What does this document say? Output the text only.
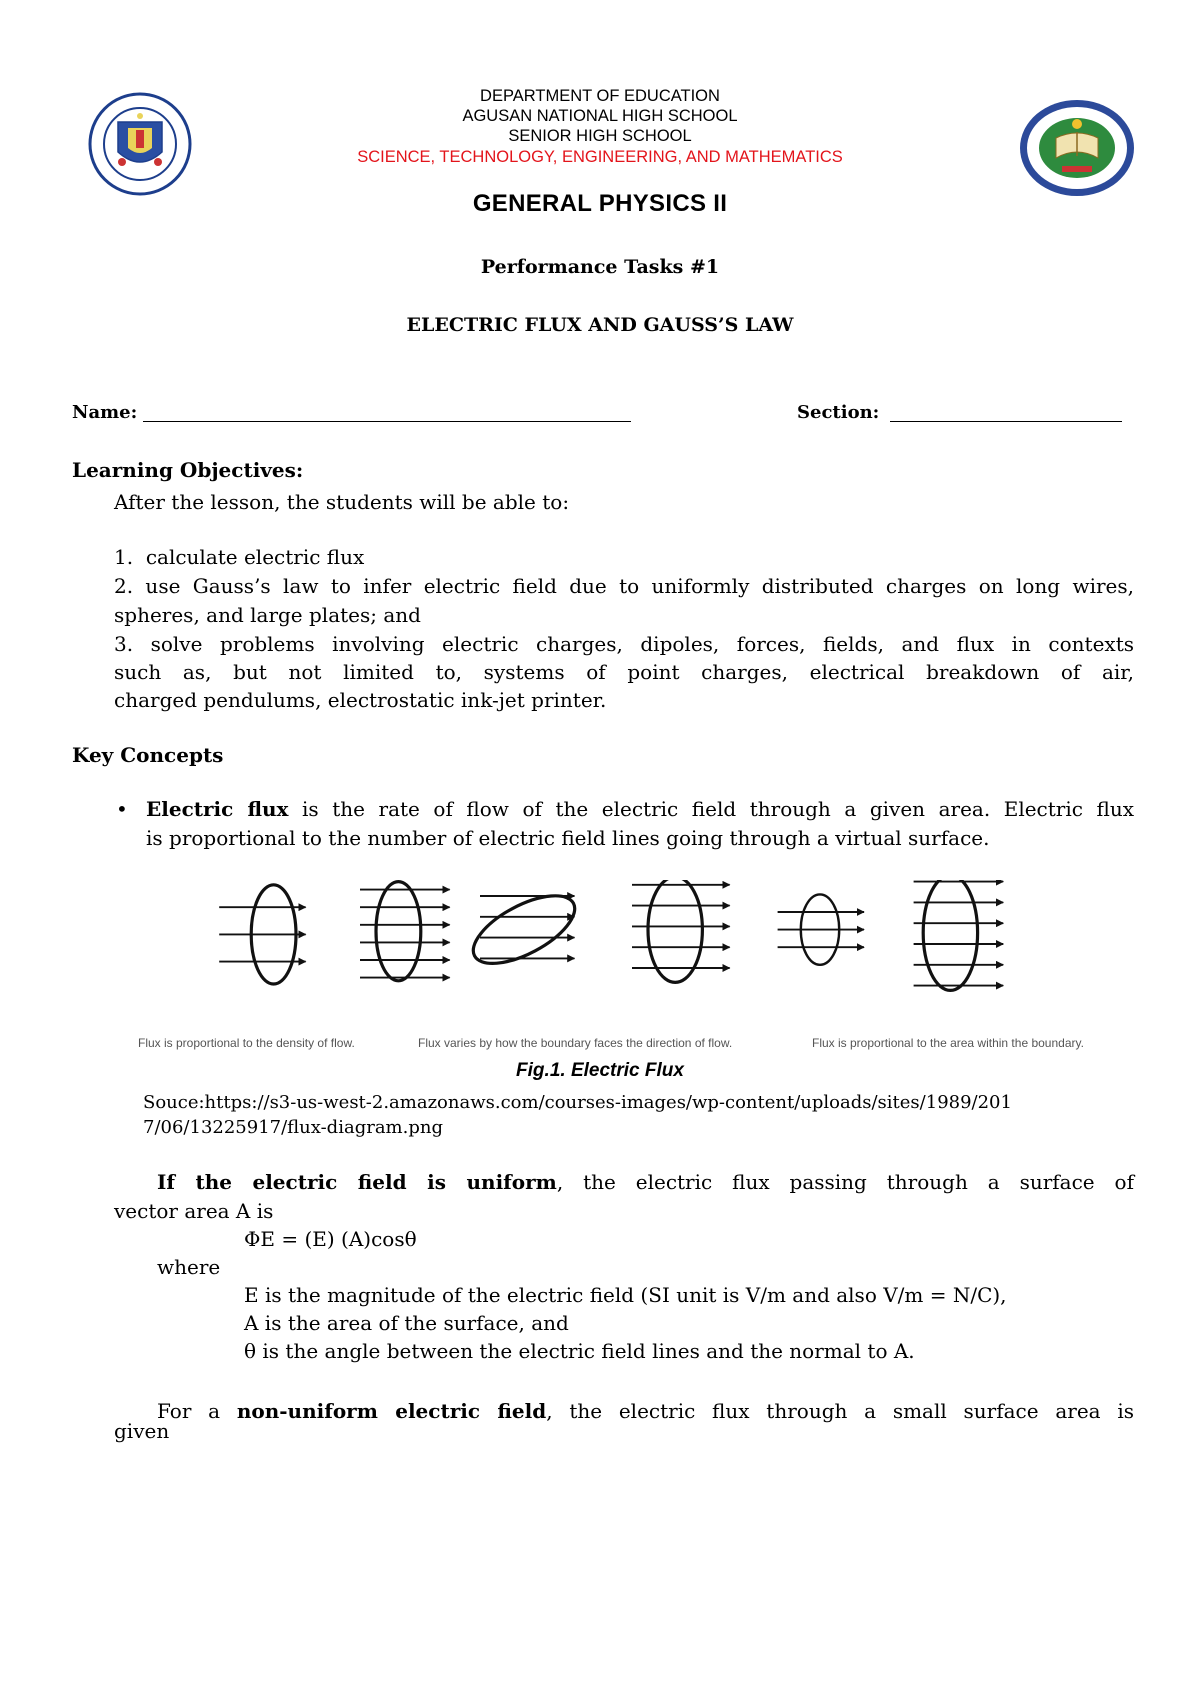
DEPARTMENT OF EDUCATION
AGUSAN NATIONAL HIGH SCHOOL
SENIOR HIGH SCHOOL
SCIENCE, TECHNOLOGY, ENGINEERING, AND MATHEMATICS
GENERAL PHYSICS II
Performance Tasks #1
ELECTRIC FLUX AND GAUSS’S LAW
Name:	Section:
Learning Objectives:
After the lesson, the students will be able to:
1. calculate electric flux
2. use Gauss’s law to infer electric field due to uniformly distributed charges on long wires,
spheres, and large plates; and
3. solve problems involving electric charges, dipoles, forces, fields, and flux in contexts
such as, but not limited to, systems of point charges, electrical breakdown of air,
charged pendulums, electrostatic ink-jet printer.
Key Concepts
• Electric flux is the rate of flow of the electric field through a given area. Electric flux
is proportional to the number of electric field lines going through a virtual surface.
Flux is proportional to the density of flow.	Flux varies by how the boundary faces the direction of flow.	Flux is proportional to the area within the boundary.
Fig.1. Electric Flux
Souce:https://s3-us-west-2.amazonaws.com/courses-images/wp-content/uploads/sites/1989/201
7/06/13225917/flux-diagram.png
If the electric field is uniform, the electric flux passing through a surface of
vector area A is
ΦE = (E) (A)cosθ
where
E is the magnitude of the electric field (SI unit is V/m and also V/m = N/C),
A is the area of the surface, and
θ is the angle between the electric field lines and the normal to A.
For a non-uniform electric field, the electric flux through a small surface area is
given
